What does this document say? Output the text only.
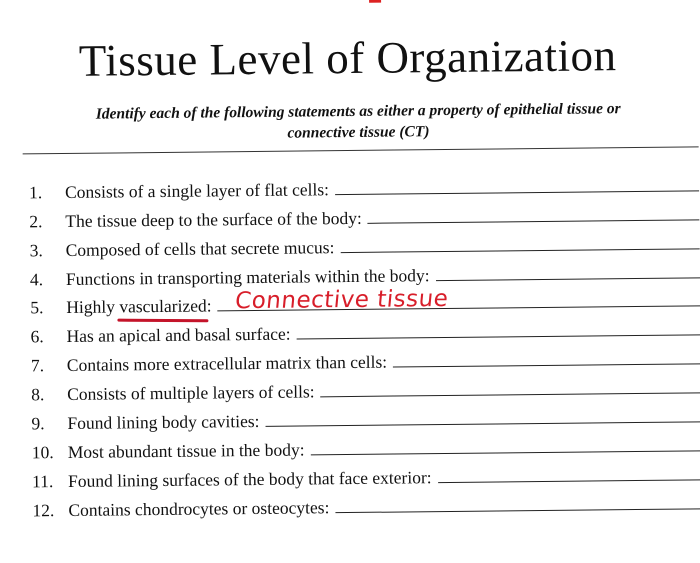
Tissue Level of Organization
Identify each of the following statements as either a property of epithelial tissue or
connective tissue (CT)
1.	Consists of a single layer of flat cells:
2.	The tissue deep to the surface of the body:
3.	Composed of cells that secrete mucus:
4.	Functions in transporting materials within the body:
5.	Highly vascularized
: Connective tissue
6.	Has an apical and basal surface:
7.	Contains more extracellular matrix than cells:
8.	Consists of multiple layers of cells:
9.	Found lining body cavities:
10. Most abundant tissue in the body:
11. Found lining surfaces of the body that face exterior:
12. Contains chondrocytes or osteocytes:
